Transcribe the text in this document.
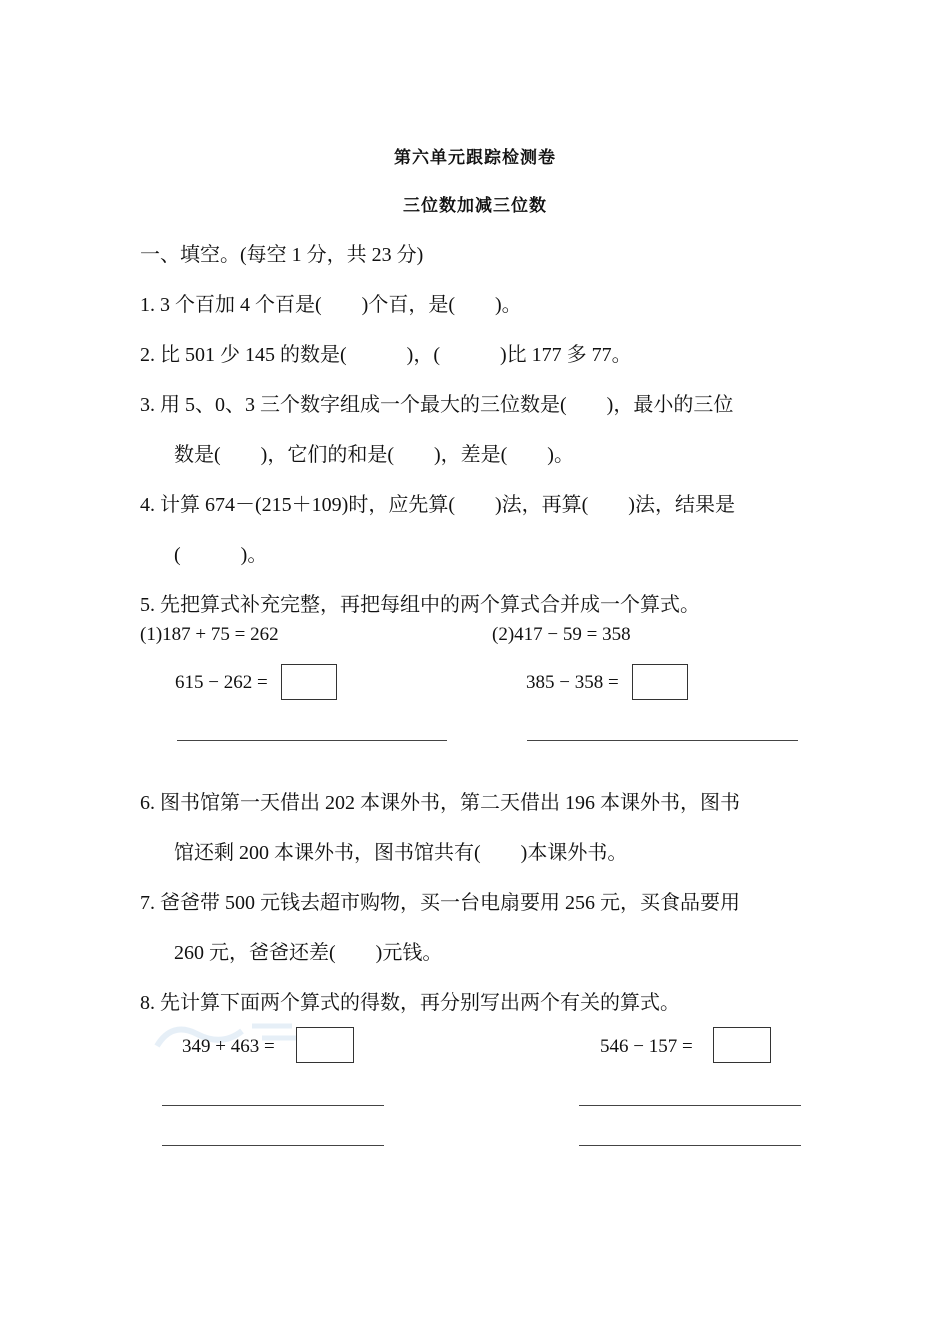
第六单元跟踪检测卷
三位数加减三位数
一、填空。(每空 1 分，共 23 分)
1. 3 个百加 4 个百是(　　)个百，是(　　)。
2. 比 501 少 145 的数是(　　　)，(　　　)比 177 多 77。
3. 用 5、0、3 三个数字组成一个最大的三位数是(　　)，最小的三位
数是(　　)，它们的和是(　　)，差是(　　)。
4. 计算 674－(215＋109)时，应先算(　　)法，再算(　　)法，结果是
(　　　)。
5. 先把算式补充完整，再把每组中的两个算式合并成一个算式。
(1)187 + 75 = 262	(2)417 − 59 = 358
615 − 262 =	385 − 358 =
6. 图书馆第一天借出 202 本课外书，第二天借出 196 本课外书，图书
馆还剩 200 本课外书，图书馆共有(　　)本课外书。
7. 爸爸带 500 元钱去超市购物，买一台电扇要用 256 元，买食品要用
260 元，爸爸还差(　　)元钱。
8. 先计算下面两个算式的得数，再分别写出两个有关的算式。
349 + 463 =	546 − 157 =
